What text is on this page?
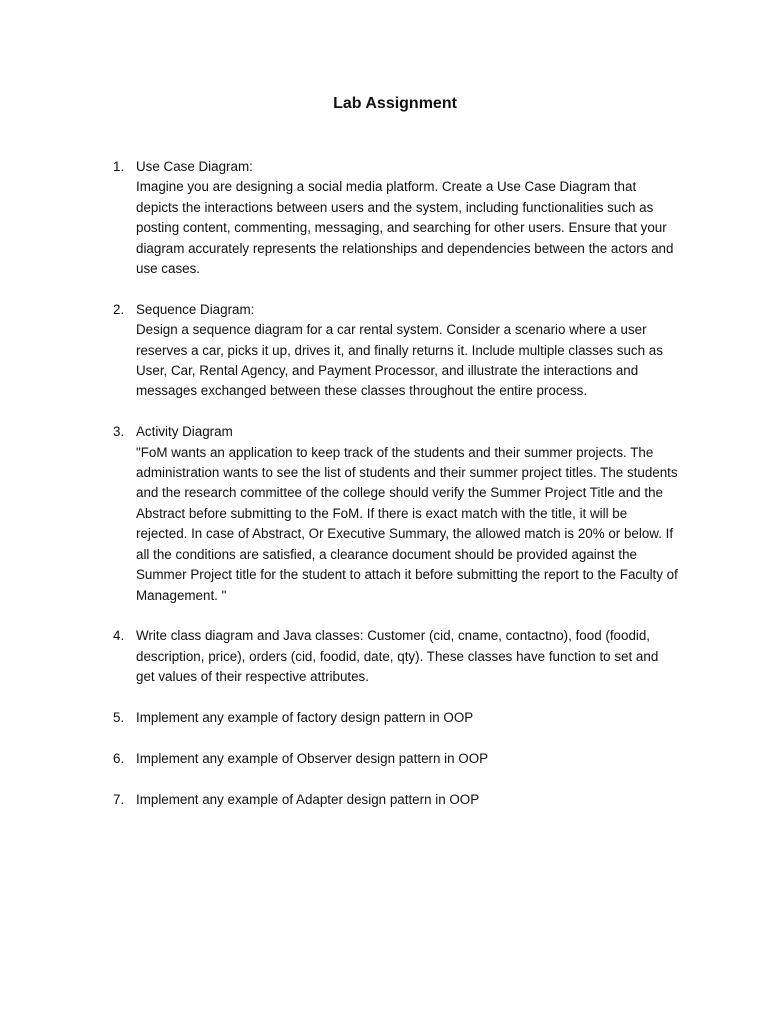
Lab Assignment
1. Use Case Diagram:
Imagine you are designing a social media platform. Create a Use Case Diagram that depicts the interactions between users and the system, including functionalities such as posting content, commenting, messaging, and searching for other users. Ensure that your diagram accurately represents the relationships and dependencies between the actors and use cases.
2. Sequence Diagram:
Design a sequence diagram for a car rental system. Consider a scenario where a user reserves a car, picks it up, drives it, and finally returns it. Include multiple classes such as User, Car, Rental Agency, and Payment Processor, and illustrate the interactions and messages exchanged between these classes throughout the entire process.
3. Activity Diagram
"FoM wants an application to keep track of the students and their summer projects. The administration wants to see the list of students and their summer project titles. The students and the research committee of the college should verify the Summer Project Title and the Abstract before submitting to the FoM. If there is exact match with the title, it will be rejected. In case of Abstract, Or Executive Summary, the allowed match is 20% or below. If all the conditions are satisfied, a clearance document should be provided against the Summer Project title for the student to attach it before submitting the report to the Faculty of Management. "
4. Write class diagram and Java classes: Customer (cid, cname, contactno), food (foodid, description, price), orders (cid, foodid, date, qty). These classes have function to set and get values of their respective attributes.
5. Implement any example of factory design pattern in OOP
6. Implement any example of Observer design pattern in OOP
7. Implement any example of Adapter design pattern in OOP
